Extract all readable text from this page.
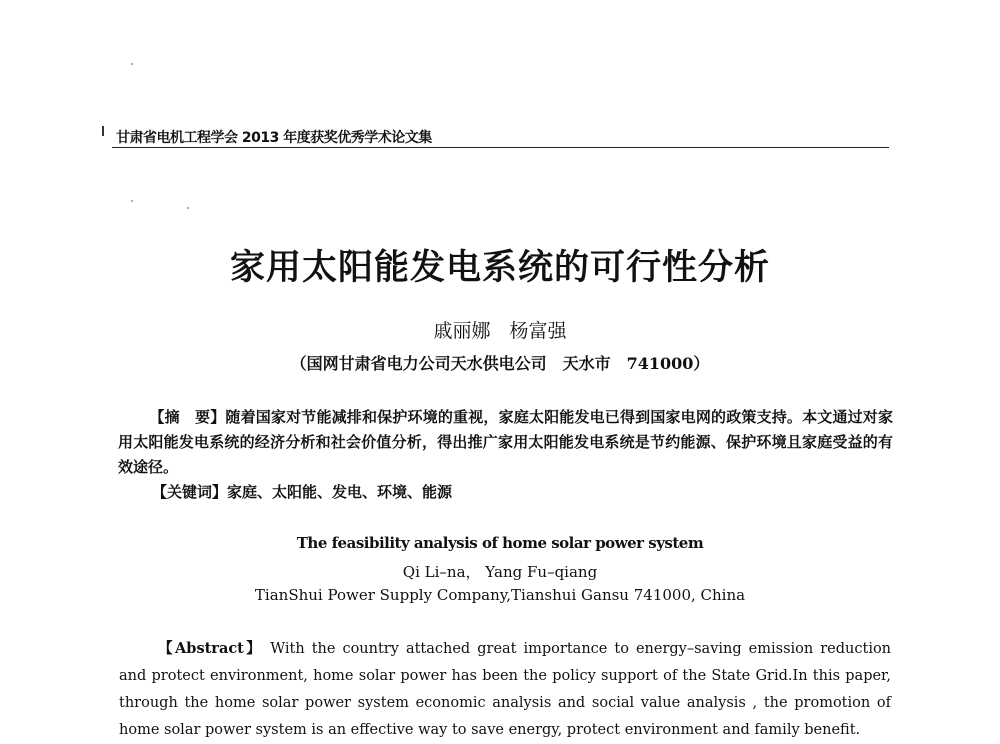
甘肃省电机工程学会 2013 年度获奖优秀学术论文集
家用太阳能发电系统的可行性分析
戚丽娜　杨富强
（国网甘肃省电力公司天水供电公司　天水市　741000）
【摘　要】随着国家对节能减排和保护环境的重视，家庭太阳能发电已得到国家电网的政策支持。本文通过对家用太阳能发电系统的经济分析和社会价值分析，得出推广家用太阳能发电系统是节约能源、保护环境且家庭受益的有效途径。
【关键词】家庭、太阳能、发电、环境、能源
The feasibility analysis of home solar power system
Qi Li–na， Yang Fu–qiang
TianShui Power Supply Company,Tianshui Gansu 741000, China
【Abstract】 With the country attached great importance to energy–saving emission reduction and protect environment, home solar power has been the policy support of the State Grid.In this paper, through the home solar power system economic analysis and social value analysis , the promotion of home solar power system is an effective way to save energy, protect environment and family benefit.
